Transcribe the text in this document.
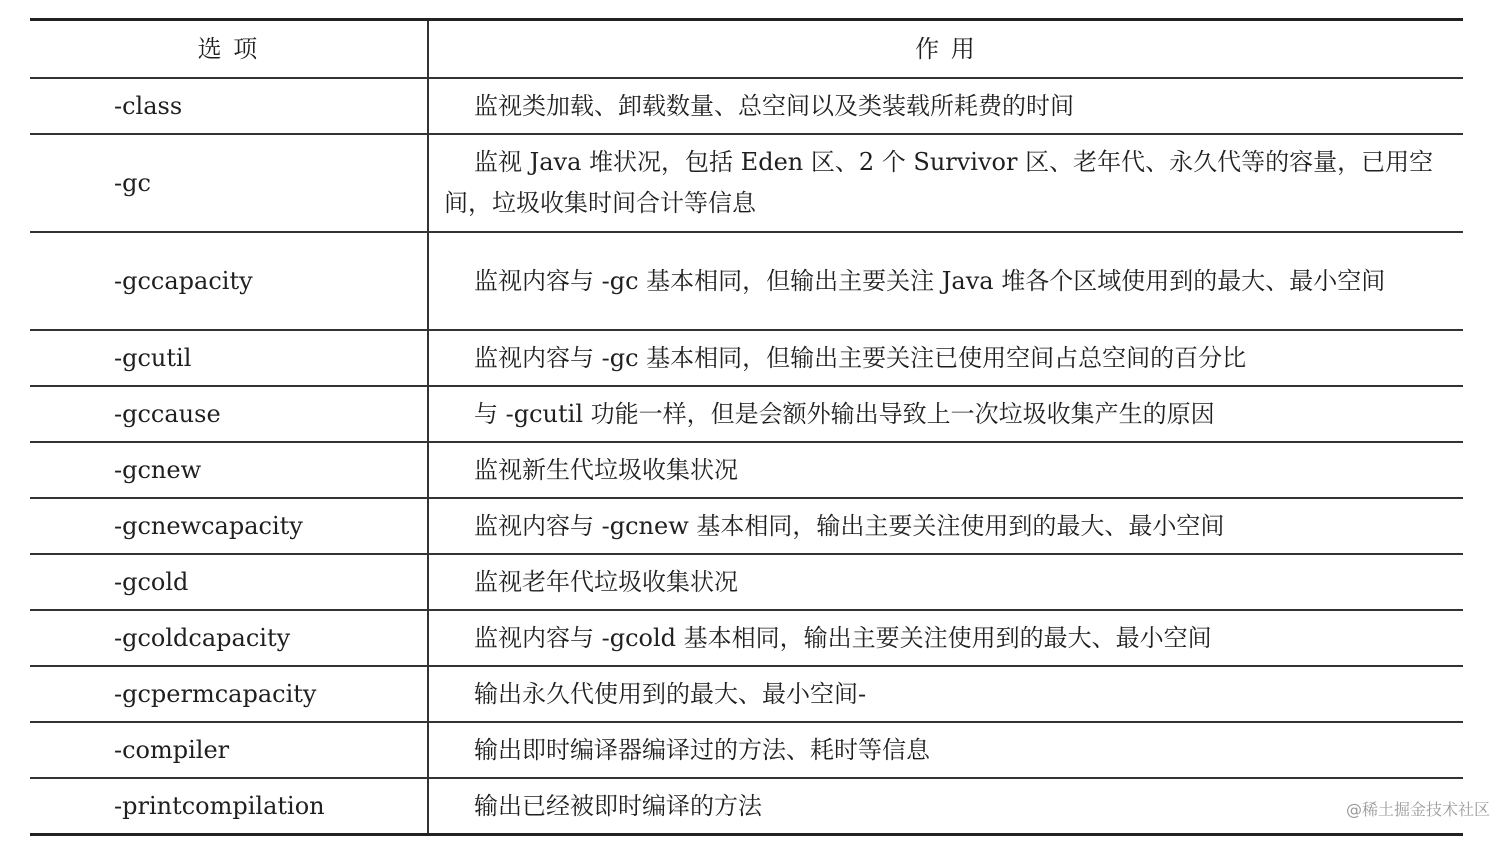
选 项	作 用
-class	监视类加载、卸载数量、总空间以及类装载所耗费的时间
-gc	监视 Java 堆状况，包括 Eden 区、2 个 Survivor 区、老年代、永久代等的容量，已用空间，垃圾收集时间合计等信息
-gccapacity	监视内容与 -gc 基本相同，但输出主要关注 Java 堆各个区域使用到的最大、最小空间
-gcutil	监视内容与 -gc 基本相同，但输出主要关注已使用空间占总空间的百分比
-gccause	与 -gcutil 功能一样，但是会额外输出导致上一次垃圾收集产生的原因
-gcnew	监视新生代垃圾收集状况
-gcnewcapacity	监视内容与 -gcnew 基本相同，输出主要关注使用到的最大、最小空间
-gcold	监视老年代垃圾收集状况
-gcoldcapacity	监视内容与 -gcold 基本相同，输出主要关注使用到的最大、最小空间
-gcpermcapacity	输出永久代使用到的最大、最小空间-
-compiler	输出即时编译器编译过的方法、耗时等信息
-printcompilation	输出已经被即时编译的方法	@稀土掘金技术社区
